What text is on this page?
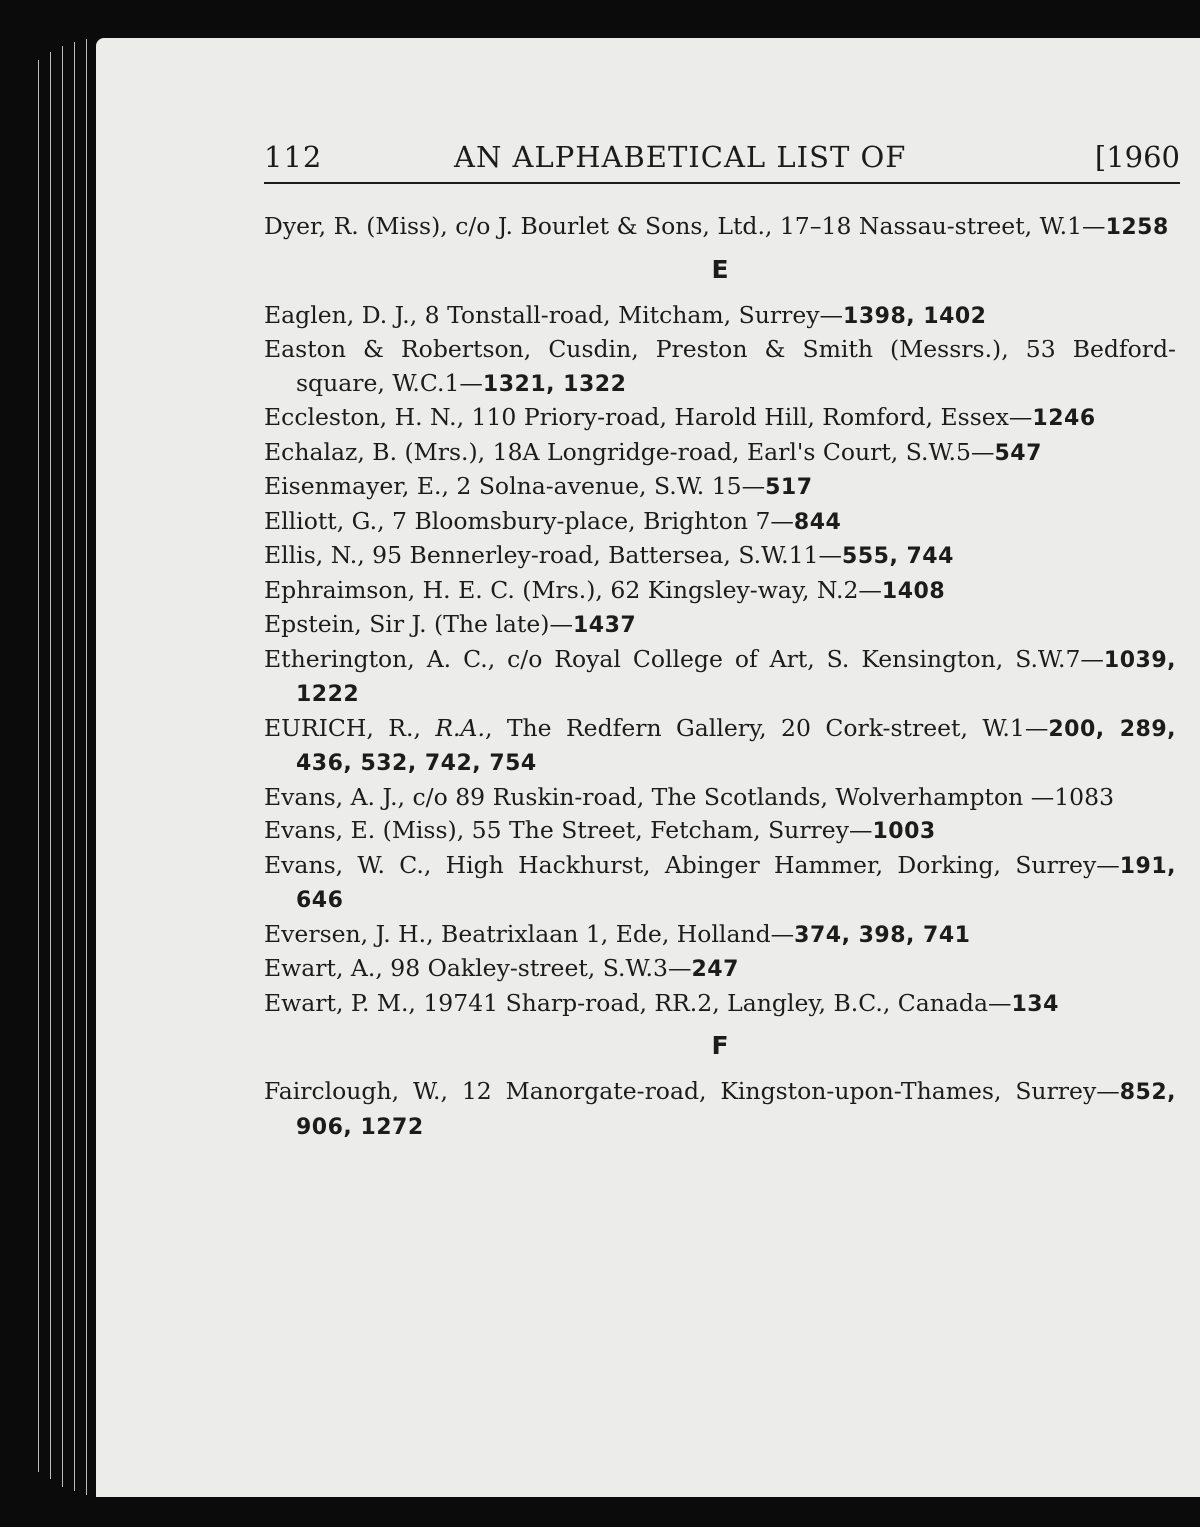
112	AN ALPHABETICAL LIST OF	[1960

Dyer, R. (Miss), c/o J. Bourlet & Sons, Ltd., 17–18 Nassau-street, W.1—1258

E

Eaglen, D. J., 8 Tonstall-road, Mitcham, Surrey—1398, 1402

Easton & Robertson, Cusdin, Preston & Smith (Messrs.), 53 Bedford-square, W.C.1—1321, 1322

Eccleston, H. N., 110 Priory-road, Harold Hill, Romford, Essex—1246

Echalaz, B. (Mrs.), 18A Longridge-road, Earl's Court, S.W.5—547

Eisenmayer, E., 2 Solna-avenue, S.W. 15—517

Elliott, G., 7 Bloomsbury-place, Brighton 7—844

Ellis, N., 95 Bennerley-road, Battersea, S.W.11—555, 744

Ephraimson, H. E. C. (Mrs.), 62 Kingsley-way, N.2—1408

Epstein, Sir J. (The late)—1437

Etherington, A. C., c/o Royal College of Art, S. Kensington, S.W.7—1039, 1222

EURICH, R., R.A., The Redfern Gallery, 20 Cork-street, W.1—200, 289, 436, 532, 742, 754

Evans, A. J., c/o 89 Ruskin-road, The Scotlands, Wolverhampton —1083

Evans, E. (Miss), 55 The Street, Fetcham, Surrey—1003

Evans, W. C., High Hackhurst, Abinger Hammer, Dorking, Surrey—191, 646

Eversen, J. H., Beatrixlaan 1, Ede, Holland—374, 398, 741

Ewart, A., 98 Oakley-street, S.W.3—247

Ewart, P. M., 19741 Sharp-road, RR.2, Langley, B.C., Canada—134

F

Fairclough, W., 12 Manorgate-road, Kingston-upon-Thames, Surrey—852, 906, 1272
